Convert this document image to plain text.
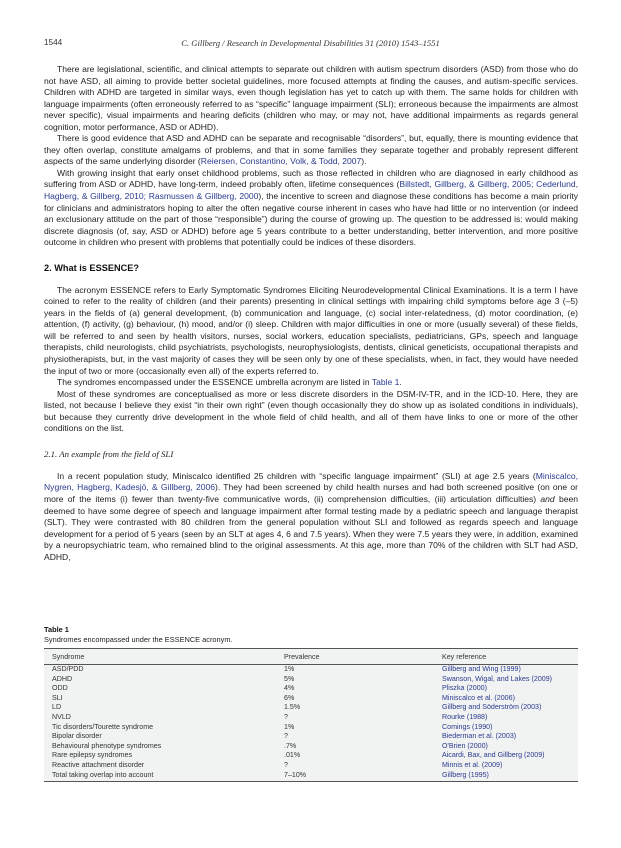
1544	C. Gillberg / Research in Developmental Disabilities 31 (2010) 1543–1551

There are legislational, scientific, and clinical attempts to separate out children with autism spectrum disorders (ASD) from those who do not have ASD, all aiming to provide better societal guidelines, more focused attempts at finding the causes, and autism-specific services. Children with ADHD are targeted in similar ways, even though legislation has yet to catch up with them. The same holds for children with language impairments (often erroneously referred to as “specific” language impairment (SLI); erroneous because the impairments are almost never specific), visual impairments and hearing deficits (children who may, or may not, have additional impairments as regards general cognition, motor performance, ASD or ADHD).

There is good evidence that ASD and ADHD can be separate and recognisable “disorders”, but, equally, there is mounting evidence that they often overlap, constitute amalgams of problems, and that in some families they separate together and probably represent different aspects of the same underlying disorder (Reiersen, Constantino, Volk, & Todd, 2007).

With growing insight that early onset childhood problems, such as those reflected in children who are diagnosed in early childhood as suffering from ASD or ADHD, have long-term, indeed probably often, lifetime consequences (Billstedt, Gillberg, & Gillberg, 2005; Cederlund, Hagberg, & Gillberg, 2010; Rasmussen & Gillberg, 2000), the incentive to screen and diagnose these conditions has become a main priority for clinicians and administrators hoping to alter the often negative course inherent in cases who have had little or no intervention (or indeed an exclusionary attitude on the part of those “responsible”) during the course of growing up. The question to be addressed is: would making discrete diagnosis (of, say, ASD or ADHD) before age 5 years contribute to a better understanding, better intervention, and more positive outcome in children who present with problems that potentially could be indices of these disorders.

2. What is ESSENCE?

The acronym ESSENCE refers to Early Symptomatic Syndromes Eliciting Neurodevelopmental Clinical Examinations. It is a term I have coined to refer to the reality of children (and their parents) presenting in clinical settings with impairing child symptoms before age 3 (–5) years in the fields of (a) general development, (b) communication and language, (c) social inter-relatedness, (d) motor coordination, (e) attention, (f) activity, (g) behaviour, (h) mood, and/or (i) sleep. Children with major difficulties in one or more (usually several) of these fields, will be referred to and seen by health visitors, nurses, social workers, education specialists, pediatricians, GPs, speech and language therapists, child neurologists, child psychiatrists, psychologists, neurophysiologists, dentists, clinical geneticists, occupational therapists and physiotherapists, but, in the vast majority of cases they will be seen only by one of these specialists, when, in fact, they would have needed the input of two or more (occasionally even all) of the experts referred to.

The syndromes encompassed under the ESSENCE umbrella acronym are listed in Table 1.

Most of these syndromes are conceptualised as more or less discrete disorders in the DSM-IV-TR, and in the ICD-10. Here, they are listed, not because I believe they exist “in their own right” (even though occasionally they do show up as isolated conditions in individuals), but because they currently drive development in the whole field of child health, and all of them have links to one or more of the other conditions on the list.

2.1. An example from the field of SLI

In a recent population study, Miniscalco identified 25 children with “specific language impairment” (SLI) at age 2.5 years (Miniscalco, Nygren, Hagberg, Kadesjö, & Gillberg, 2006). They had been screened by child health nurses and had both screened positive (on one or more of the items (i) fewer than twenty-five communicative words, (ii) comprehension difficulties, (iii) articulation difficulties) and been deemed to have some degree of speech and language impairment after formal testing made by a pediatric speech and language therapist (SLT). They were contrasted with 80 children from the general population without SLI and followed as regards speech and language development for a period of 5 years (seen by an SLT at ages 4, 6 and 7.5 years). When they were 7.5 years they were, in addition, examined by a neuropsychiatric team, who remained blind to the original assessments. At this age, more than 70% of the children with SLT had ASD, ADHD,

Table 1
Syndromes encompassed under the ESSENCE acronym.
Syndrome	Prevalence	Key reference
ASD/PDD	1%	Gillberg and Wing (1999)
ADHD	5%	Swanson, Wigal, and Lakes (2009)
ODD	4%	Pliszka (2000)
SLI	6%	Miniscalco et al. (2006)
LD	1.5%	Gillberg and Söderström (2003)
NVLD	?	Rourke (1988)
Tic disorders/Tourette syndrome	1%	Comings (1990)
Bipolar disorder	?	Biederman et al. (2003)
Behavioural phenotype syndromes	.7%	O'Brien (2000)
Rare epilepsy syndromes	.01%	Aicardi, Bax, and Gillberg (2009)
Reactive attachment disorder	?	Minnis et al. (2009)
Total taking overlap into account	7–10%	Gillberg (1995)
